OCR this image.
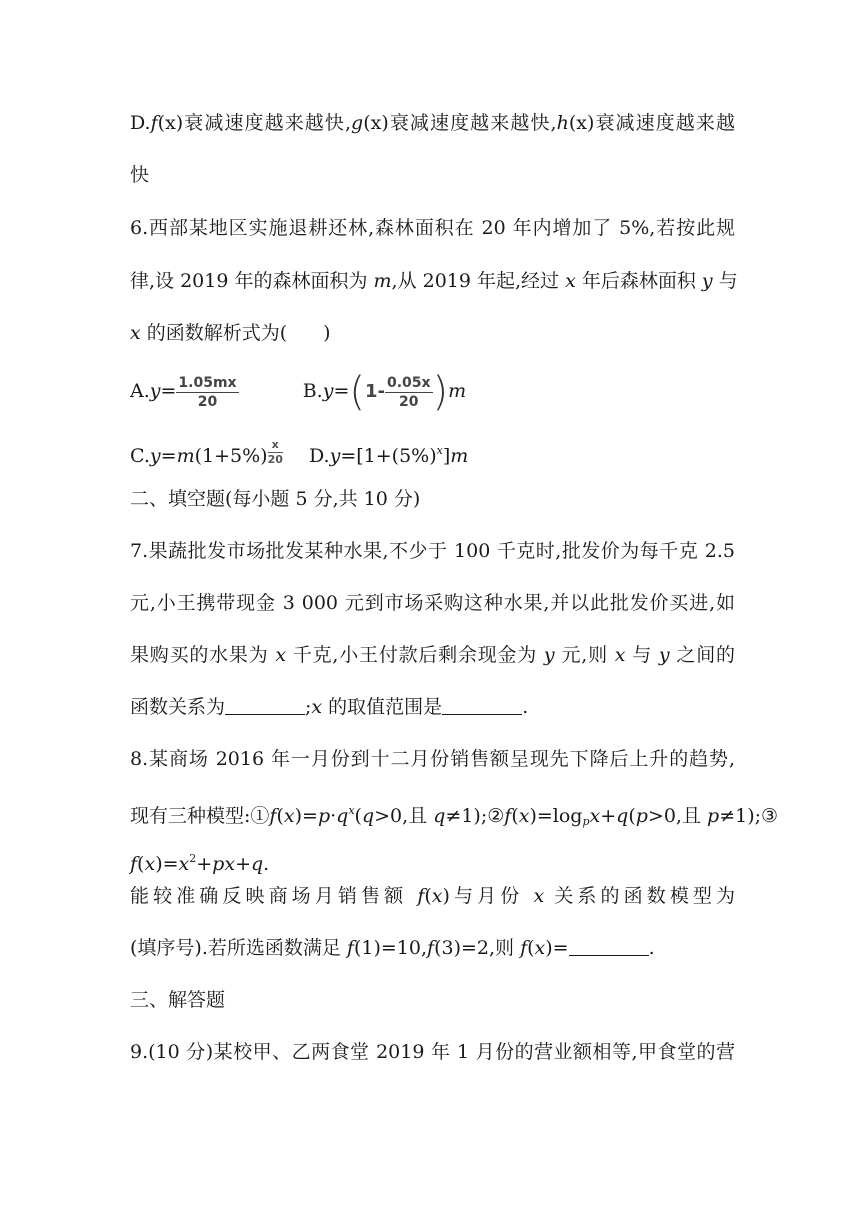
D.f(x)衰减速度越来越快,g(x)衰减速度越来越快,h(x)衰减速度越来越
快
6.西部某地区实施退耕还林,森林面积在 20 年内增加了 5%,若按此规
律,设 2019 年的森林面积为 m,从 2019 年起,经过 x 年后森林面积 y 与
x 的函数解析式为( )
$A.y= \frac{1.05mx}{20}$	$B.y=(1- \frac{0.05x}{20} )m$
$C.y=m(1+5\%) \frac{x}{20} D.y=[1+(5\%)^x]m$
二、填空题(每小题 5 分,共 10 分)
7.果蔬批发市场批发某种水果,不少于 100 千克时,批发价为每千克 2.5
元,小王携带现金 3 000 元到市场采购这种水果,并以此批发价买进,如
果购买的水果为 x 千克,小王付款后剩余现金为 y 元,则 x 与 y 之间的
函数关系为	;x 的取值范围是	.
8.某商场 2016 年一月份到十二月份销售额呈现先下降后上升的趋势,
现有三种模型$:①f(x)=p\cdot q^x(q>0$,且 $q\ne 1);②f(x)=\log_px+q(p>0$,且 p≠1);③
$f(x)=x^2+px+q$.
能较准确反映商场月销售额 f(x)与月份 x 关系的函数模型为
(填序号).若所选函数满足 f(1)=10,f(3)=2,则 f(x)=	.
三、解答题
9.(10 分)某校甲、乙两食堂 2019 年 1 月份的营业额相等,甲食堂的营
